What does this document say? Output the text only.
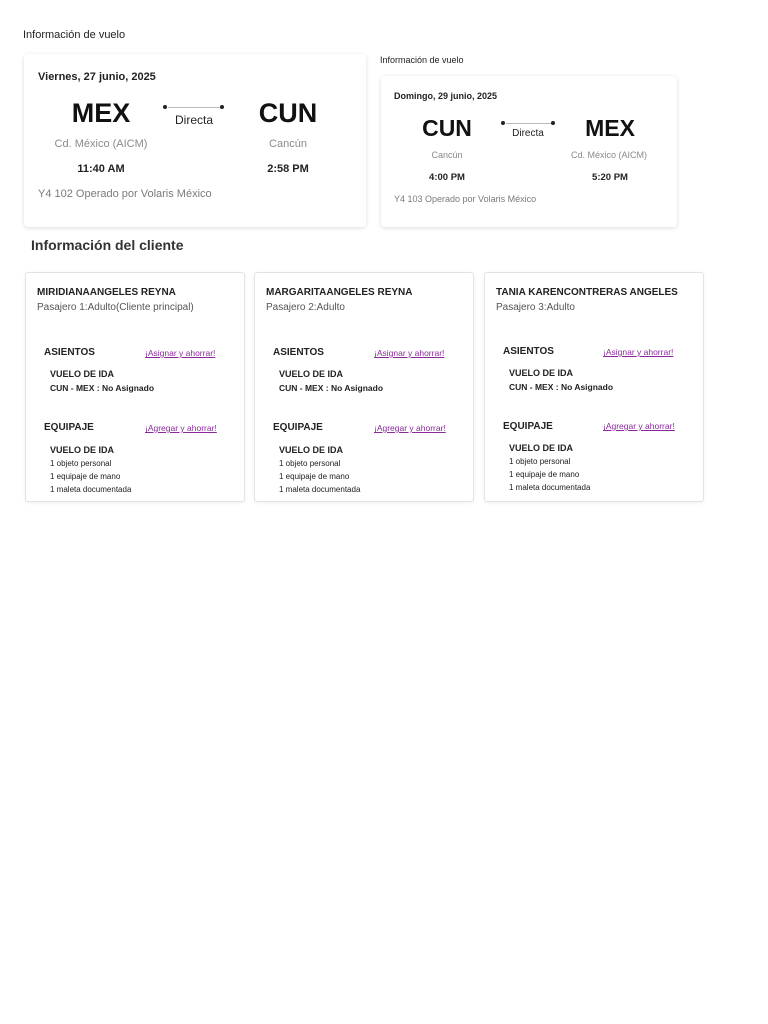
Información de vuelo
Viernes, 27 junio, 2025
MEX	Directa	CUN
Cd. México (AICM)	Cancún
11:40 AM	2:58 PM
Y4 102 Operado por Volaris México
Información de vuelo
Domingo, 29 junio, 2025
CUN	Directa	MEX
Cancún	Cd. México (AICM)
4:00 PM	5:20 PM
Y4 103 Operado por Volaris México
Información del cliente
MIRIDIANAANGELES REYNA
Pasajero 1:Adulto(Cliente principal)
ASIENTOS	¡Asignar y ahorrar!
VUELO DE IDA
CUN - MEX : No Asignado
EQUIPAJE	¡Agregar y ahorrar!
VUELO DE IDA
1 objeto personal
1 equipaje de mano
1 maleta documentada
MARGARITAANGELES REYNA
Pasajero 2:Adulto
ASIENTOS	¡Asignar y ahorrar!
VUELO DE IDA
CUN - MEX : No Asignado
EQUIPAJE	¡Agregar y ahorrar!
VUELO DE IDA
1 objeto personal
1 equipaje de mano
1 maleta documentada
TANIA KARENCONTRERAS ANGELES
Pasajero 3:Adulto
ASIENTOS	¡Asignar y ahorrar!
VUELO DE IDA
CUN - MEX : No Asignado
EQUIPAJE	¡Agregar y ahorrar!
VUELO DE IDA
1 objeto personal
1 equipaje de mano
1 maleta documentada
